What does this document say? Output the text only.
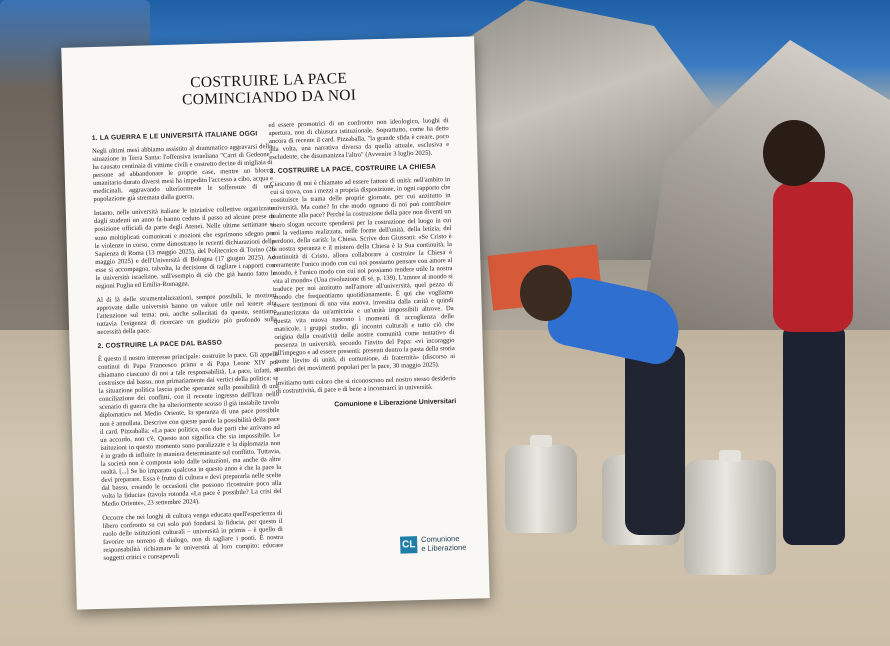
COSTRUIRE LA PACE
COMINCIANDO DA NOI
1. LA GUERRA E LE UNIVERSITÀ ITALIANE OGGI

Negli ultimi mesi abbiamo assistito al drammatico aggravarsi della situazione in Terra Santa: l'offensiva israeliana "Carri di Gedeone" ha causato centinaia di vittime civili e costretto decine di migliaia di persone ad abbandonare le proprie case, mentre un blocco umanitario durato diversi mesi ha impedito l'accesso a cibo, acqua e medicinali, aggravando ulteriormente le sofferenze di una popolazione già stremata dalla guerra.

Intanto, nelle università italiane le iniziative collettive organizzate dagli studenti un anno fa hanno ceduto il passo ad alcune prese di posizione ufficiali da parte degli Atenei. Nelle ultime settimane si sono moltiplicati comunicati e mozioni che esprimono sdegno per le violenze in corso, come dimostrano le recenti dichiarazioni della Sapienza di Roma (13 maggio 2025), del Politecnico di Torino (26 maggio 2025) e dell'Università di Bologna (17 giugno 2025). Ad esse si accompagna, talvolta, la decisione di tagliare i rapporti con le università israeliane, sull'esempio di ciò che già hanno fatto le regioni Puglia ed Emilia-Romagna.

Al di là delle strumentalizzazioni, sempre possibili, le mozioni approvate dalle università hanno un valore utile nel tenere alta l'attenzione sul tema: noi, anche sollecitati da queste, sentiamo tuttavia l'esigenza di ricercare un giudizio più profondo sulla necessità della pace.

2. COSTRUIRE LA PACE DAL BASSO

È questo il nostro interesse principale: costruire la pace. Gli appelli continui di Papa Francesco prima e di Papa Leone XIV poi chiamano ciascuno di noi a tale responsabilità. La pace, infatti, si costruisce dal basso, non primariamente dai vertici della politica: se la situazione politica lascia poche speranze sulla possibilità di una conciliazione dei conflitti, con il recente ingresso dell'Iran nello scenario di guerra che ha ulteriormente scosso il già instabile tavolo diplomatico nel Medio Oriente, la speranza di una pace possibile non è annullata. Descrive con queste parole la possibilità della pace il card. Pizzaballa: «La pace politica, con due parti che arrivano ad un accordo, non c'è. Questo non significa che sia impossibile. Le istituzioni in questo momento sono paralizzate e la diplomazia non è in grado di influire in maniera determinante sul conflitto. Tuttavia, la società non è composta solo dalle istituzioni, ma anche da altre realtà. [...] Se ho imparato qualcosa in questo anno è che la pace la devi preparare. Essa è frutto di cultura e devi prepararla nelle scelte dal basso, creando le occasioni che possono ricostruire poco alla volta la fiducia» (tavola rotonda «La pace è possibile? La crisi del Medio Oriente», 23 settembre 2024).

Occorre che nei luoghi di cultura venga educata quell'esperienza di libero confronto su cui solo può fondarsi la fiducia, per questo il ruolo delle istituzioni culturali – università in primis – è quello di favorire un terreno di dialogo, non di tagliare i ponti. È nostra responsabilità richiamare le università al loro compito: educare soggetti critici e consapevoli

ed essere promotrici di un confronto non ideologico, luoghi di apertura, non di chiusura istituzionale. Soprattutto, come ha detto ancora di recente il card. Pizzaballa, "la grande sfida è creare, poco alla volta, una narrativa diversa da quella attuale, esclusiva e escludente, che disumanizza l'altro" (Avvenire 3 luglio 2025).

3. COSTRUIRE LA PACE, COSTRUIRE LA CHIESA

Ciascuno di noi è chiamato ad essere fattore di unità: nell'ambito in cui si trova, con i mezzi a propria disposizione, in ogni rapporto che costituisce la trama delle proprie giornate, per cui anzitutto in università. Ma come? In che modo ognuno di noi può contribuire realmente alla pace? Perché la costruzione della pace non diventi un mero slogan occorre spendersi per la costruzione del luogo in cui noi la vediamo realizzata, nelle forme dell'unità, della letizia, del perdono, della carità: la Chiesa. Scrive don Giussani: «Se Cristo è la nostra speranza e il mistero della Chiesa è la Sua continuità, la continuità di Cristo, allora collaborare a costruire la Chiesa è veramente l'unico modo con cui noi possiamo pensare con amore al mondo, è l'unico modo con cui noi possiamo rendere utile la nostra vita al mondo» (Una rivoluzione di sé, p. 139). L'amore al mondo si traduce per noi anzitutto nell'amore all'università, quel pezzo di mondo che frequentiamo quotidianamente. È qui che vogliamo essere testimoni di una vita nuova, investita dalla carità e quindi caratterizzata da un'amicizia e un'unità impossibili altrove. Da questa vita nuova nascono i momenti di accoglienza delle matricole, i gruppi studio, gli incontri culturali e tutto ciò che origina dalla creatività delle nostre comunità come tentativo di presenza in università, secondo l'invito del Papa: «vi incoraggio all'impegno e ad essere presenti: presenti dentro la pasta della storia come lievito di unità, di comunione, di fraternità» (discorso ai membri dei movimenti popolari per la pace, 30 maggio 2025).

Invitiamo tutti coloro che si riconoscono nel nostro stesso desiderio di costruttività, di pace e di bene a incontrarci in università.

Comunione e Liberazione Universitari
CL
Comunione
e Liberazione
